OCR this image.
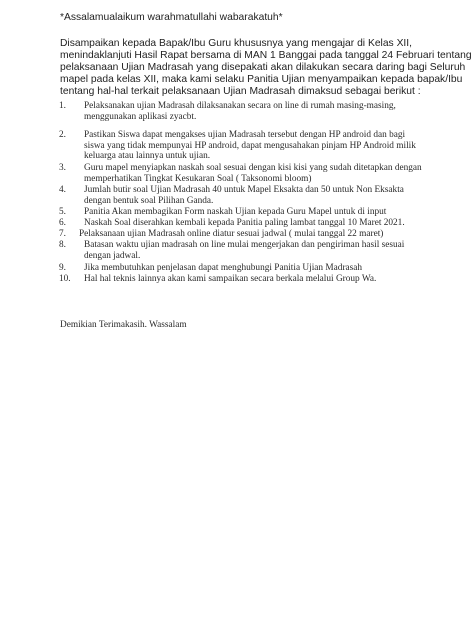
*Assalamualaikum warahmatullahi wabarakatuh*
Disampaikan kepada Bapak/Ibu Guru khususnya yang mengajar di Kelas XII,
menindaklanjuti Hasil Rapat bersama di MAN 1 Banggai pada tanggal 24 Februari tentang
pelaksanaan Ujian Madrasah yang disepakati akan dilakukan secara daring bagi Seluruh
mapel pada kelas XII, maka kami selaku Panitia Ujian menyampaikan kepada bapak/Ibu
tentang hal-hal terkait pelaksanaan Ujian Madrasah dimaksud sebagai berikut :
1. Pelaksanakan ujian Madrasah dilaksanakan secara on line di rumah masing-masing,
menggunakan aplikasi zyacbt.
2. Pastikan Siswa dapat mengakses ujian Madrasah tersebut dengan HP android dan bagi
siswa yang tidak mempunyai HP android, dapat mengusahakan pinjam HP Android milik
keluarga atau lainnya untuk ujian.
3. Guru mapel menyiapkan naskah soal sesuai dengan kisi kisi yang sudah ditetapkan dengan
memperhatikan Tingkat Kesukaran Soal ( Taksonomi bloom)
4. Jumlah butir soal Ujian Madrasah 40 untuk Mapel Eksakta dan 50 untuk Non Eksakta
dengan bentuk soal Pilihan Ganda.
5. Panitia Akan membagikan Form naskah Ujian kepada Guru Mapel untuk di input
6. Naskah Soal diserahkan kembali kepada Panitia paling lambat tanggal 10 Maret 2021.
7. Pelaksanaan ujian Madrasah online diatur sesuai jadwal ( mulai tanggal 22 maret)
8. Batasan waktu ujian madrasah on line mulai mengerjakan dan pengiriman hasil sesuai
dengan jadwal.
9. Jika membutuhkan penjelasan dapat menghubungi Panitia Ujian Madrasah
10. Hal hal teknis lainnya akan kami sampaikan secara berkala melalui Group Wa.
Demikian Terimakasih. Wassalam
